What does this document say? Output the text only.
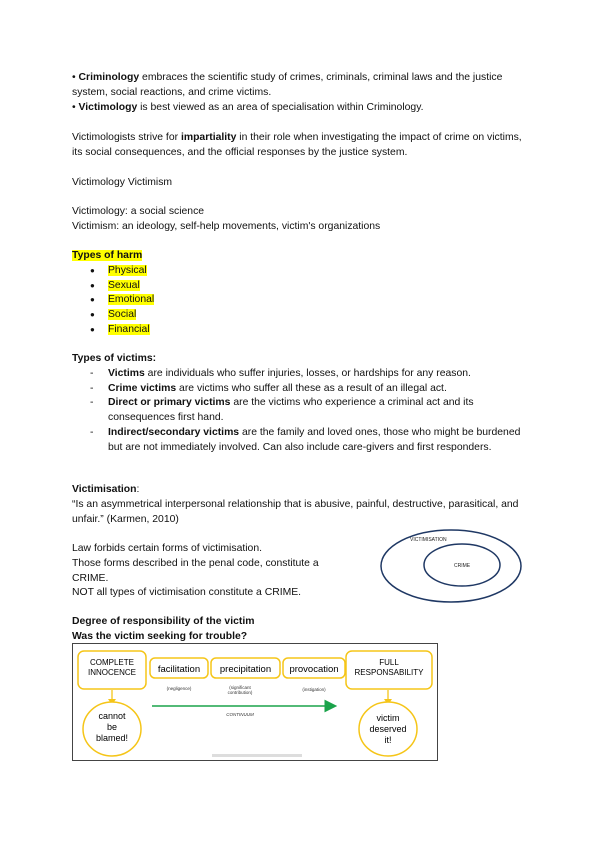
• Criminology embraces the scientific study of crimes, criminals, criminal laws and the justice system, social reactions, and crime victims.

• Victimology is best viewed as an area of specialisation within Criminology.

Victimologists strive for impartiality in their role when investigating the impact of crime on victims, its social consequences, and the official responses by the justice system.

Victimology Victimism

Victimology: a social science

Victimism: an ideology, self-help movements, victim's organizations

Types of harm

● Physical
● Sexual
● Emotional
● Social
● Financial

Types of victims:

- Victims are individuals who suffer injuries, losses, or hardships for any reason.
- Crime victims are victims who suffer all these as a result of an illegal act.
- Direct or primary victims are the victims who experience a criminal act and its consequences first hand.
- Indirect/secondary victims are the family and loved ones, those who might be burdened but are not immediately involved. Can also include care-givers and first responders.

Victimisation:

“Is an asymmetrical interpersonal relationship that is abusive, painful, destructive, parasitical, and unfair.” (Karmen, 2010)

Law forbids certain forms of victimisation.

Those forms described in the penal code, constitute a CRIME.

NOT all types of victimisation constitute a CRIME.

VICTIMISATION
CRIME

Degree of responsibility of the victim

Was the victim seeking for trouble?

COMPLETE INNOCENCE facilitation precipitation provocation
FULL RESPONSABILITY
(negligence)	(significant contribution)
(instigation)
CONTINUUM
cannot be blamed!
victim deserved it!
